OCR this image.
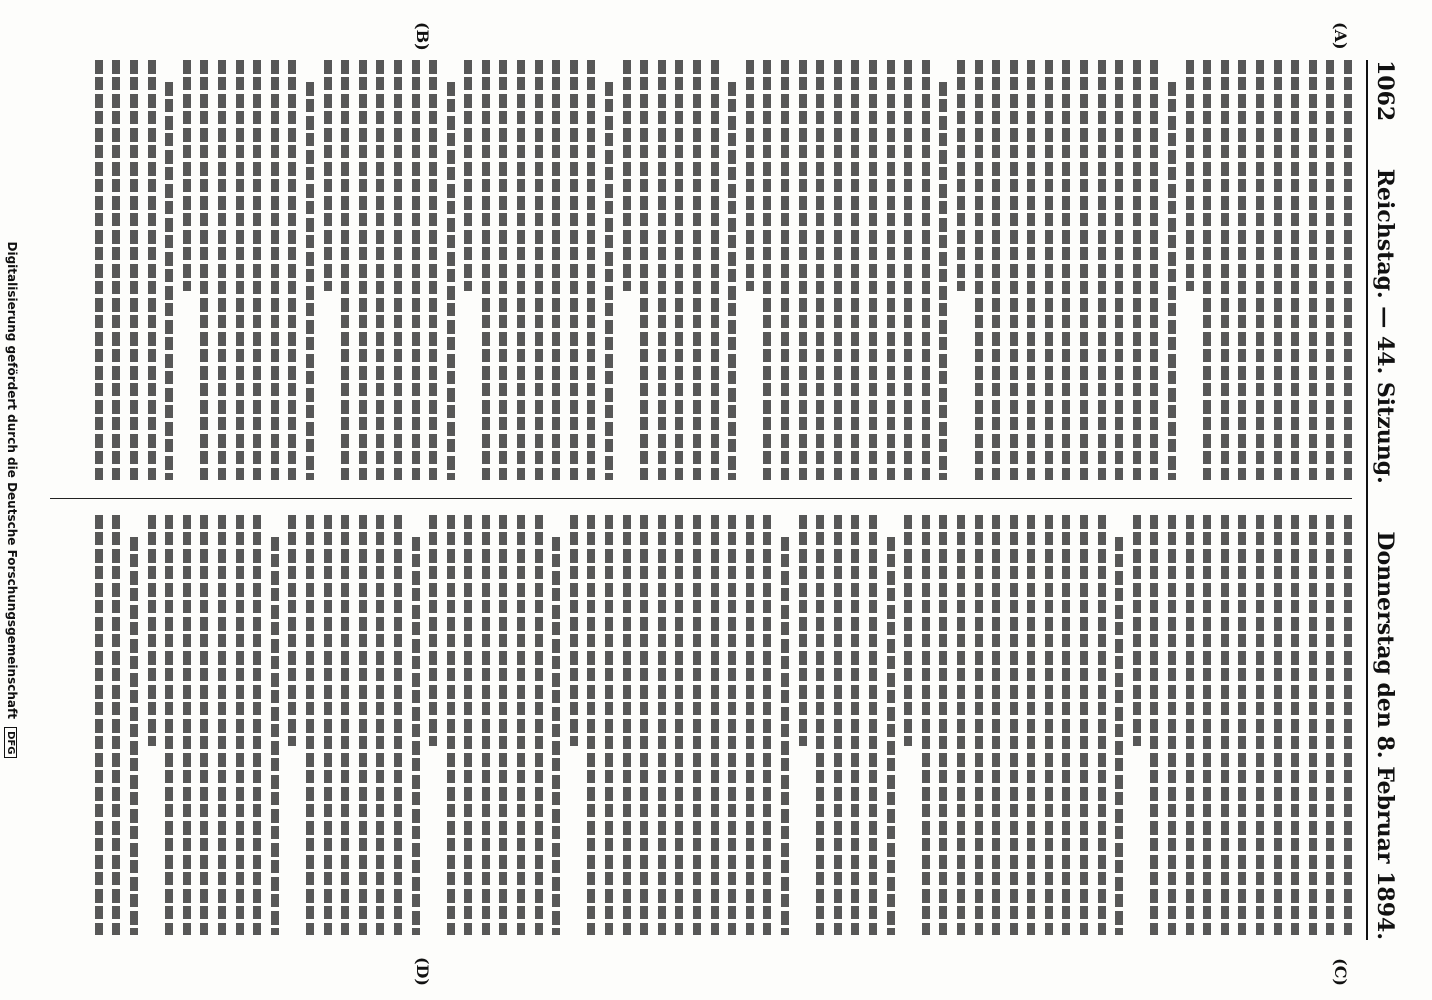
1062
Reichstag. — 44. Sitzung.
Donnerstag den 8. Februar 1894.
(A)
(B)
(C)
(D)
Digitalisierung gefördert durch die Deutsche Forschungsgemeinschaft DFG
